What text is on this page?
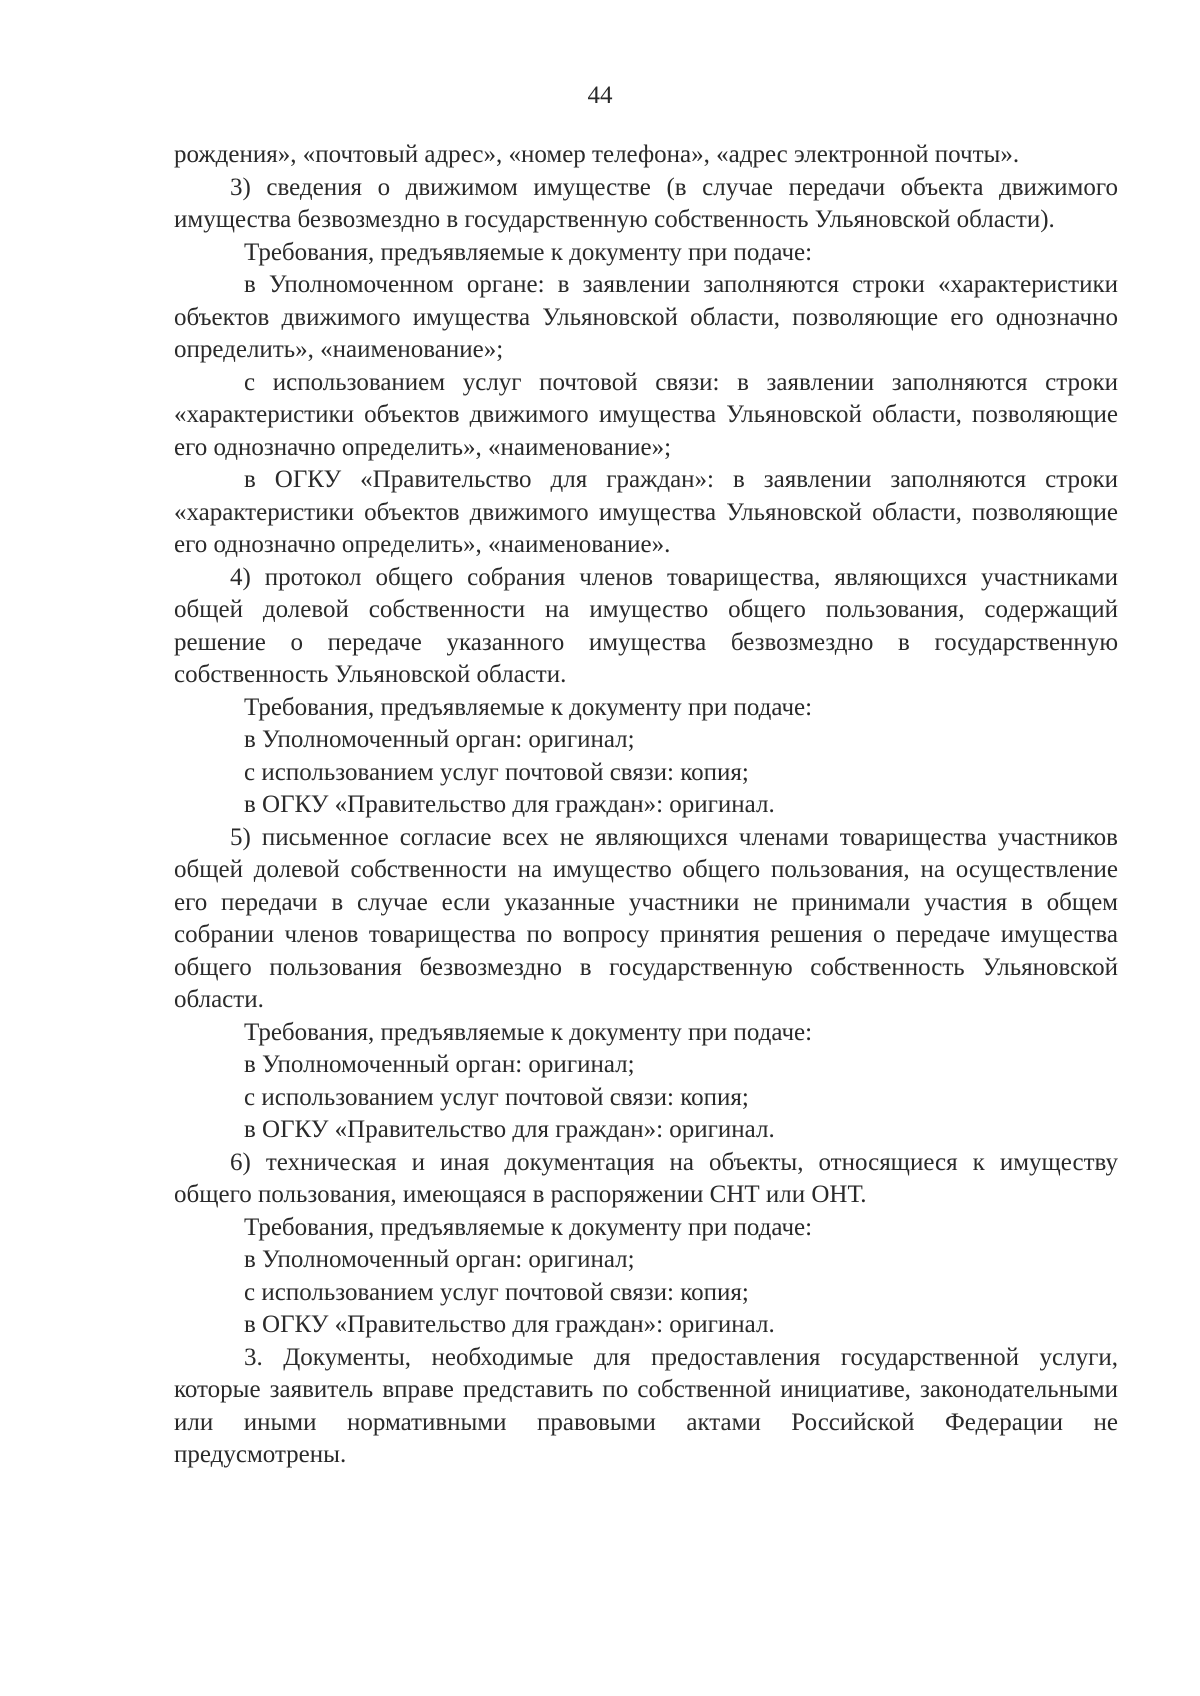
44

рождения», «почтовый адрес», «номер телефона», «адрес электронной почты».

3) сведения о движимом имуществе (в случае передачи объекта движимого имущества безвозмездно в государственную собственность Ульяновской области).

Требования, предъявляемые к документу при подаче:

в Уполномоченном органе: в заявлении заполняются строки «характеристики объектов движимого имущества Ульяновской области, позволяющие его однозначно определить», «наименование»;

с использованием услуг почтовой связи: в заявлении заполняются строки «характеристики объектов движимого имущества Ульяновской области, позволяющие его однозначно определить», «наименование»;

в ОГКУ «Правительство для граждан»: в заявлении заполняются строки «характеристики объектов движимого имущества Ульяновской области, позволяющие его однозначно определить», «наименование».

4) протокол общего собрания членов товарищества, являющихся участниками общей долевой собственности на имущество общего пользования, содержащий решение о передаче указанного имущества безвозмездно в государственную собственность Ульяновской области.

Требования, предъявляемые к документу при подаче:

в Уполномоченный орган: оригинал;

с использованием услуг почтовой связи: копия;

в ОГКУ «Правительство для граждан»: оригинал.

5) письменное согласие всех не являющихся членами товарищества участников общей долевой собственности на имущество общего пользования, на осуществление его передачи в случае если указанные участники не принимали участия в общем собрании членов товарищества по вопросу принятия решения о передаче имущества общего пользования безвозмездно в государственную собственность Ульяновской области.

Требования, предъявляемые к документу при подаче:

в Уполномоченный орган: оригинал;

с использованием услуг почтовой связи: копия;

в ОГКУ «Правительство для граждан»: оригинал.

6) техническая и иная документация на объекты, относящиеся к имуществу общего пользования, имеющаяся в распоряжении СНТ или ОНТ.

Требования, предъявляемые к документу при подаче:

в Уполномоченный орган: оригинал;

с использованием услуг почтовой связи: копия;

в ОГКУ «Правительство для граждан»: оригинал.

3. Документы, необходимые для предоставления государственной услуги, которые заявитель вправе представить по собственной инициативе, законодательными или иными нормативными правовыми актами Российской Федерации не предусмотрены.
